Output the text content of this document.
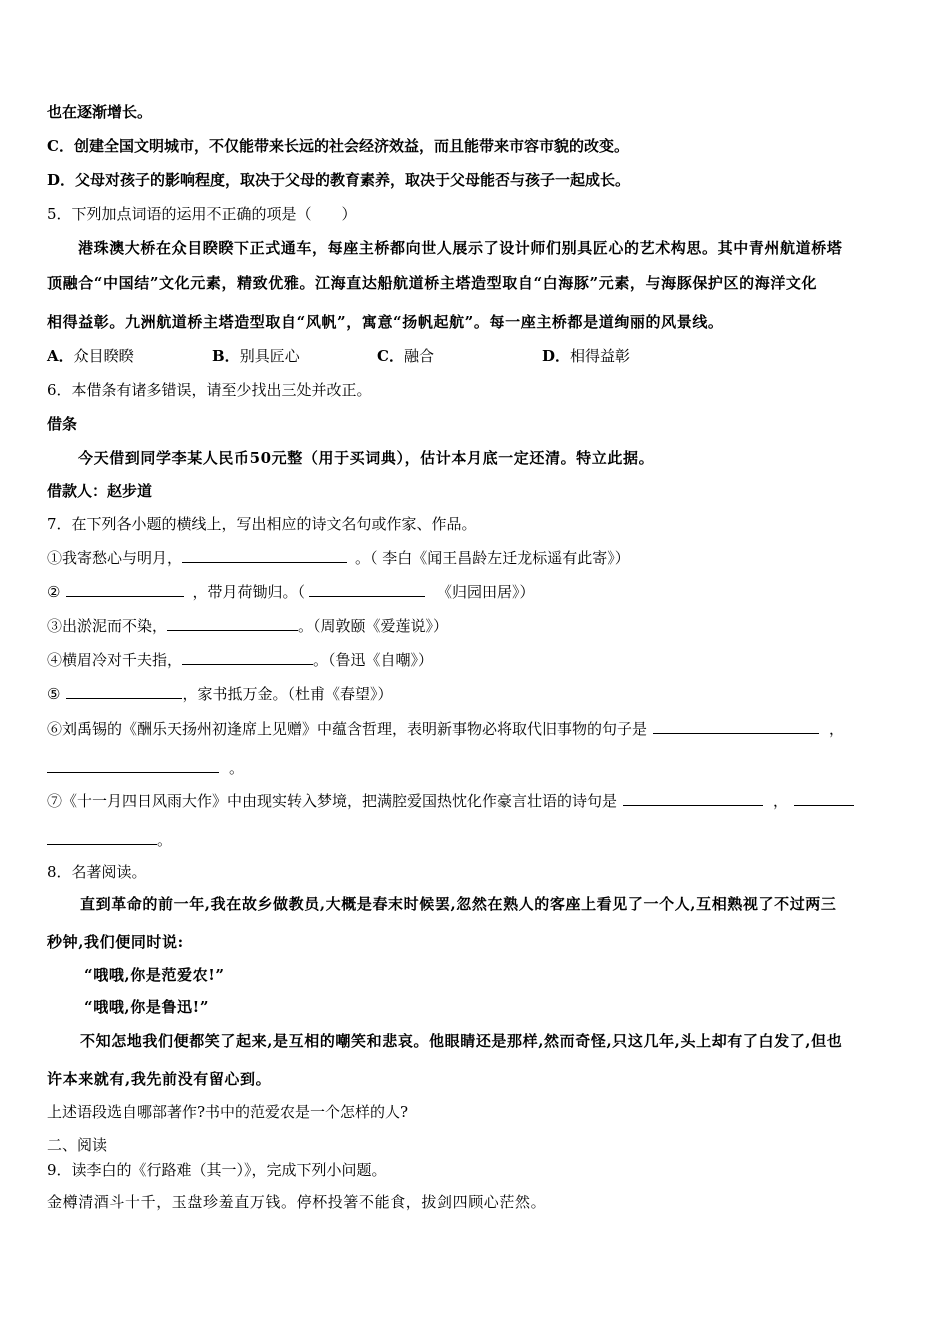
也在逐渐增长。
C．创建全国文明城市，不仅能带来长远的社会经济效益，而且能带来市容市貌的改变。
D．父母对孩子的影响程度，取决于父母的教育素养，取决于父母能否与孩子一起成长。
5．下列加点词语的运用不正确的项是（　　）
港珠澳大桥在众目睽睽下正式通车，每座主桥都向世人展示了设计师们别具匠心的艺术构思。其中青州航道桥塔
顶融合“中国结”文化元素，精致优雅。江海直达船航道桥主塔造型取自“白海豚”元素，与海豚保护区的海洋文化
相得益彰。九洲航道桥主塔造型取自“风帆”，寓意“扬帆起航”。每一座主桥都是道绚丽的风景线。
A．众目睽睽	B．别具匠心	C．融合	D．相得益彰
6．本借条有诸多错误，请至少找出三处并改正。
借条
今天借到同学李某人民币50元整（用于买词典），估计本月底一定还清。特立此据。
借款人：赵步道
7．在下列各小题的横线上，写出相应的诗文名句或作家、作品。
①我寄愁心与明月，	。（ 李白《闻王昌龄左迁龙标遥有此寄》）
②	，带月荷锄归。（	《归园田居》）
③出淤泥而不染，	。（周敦颐《爱莲说》）
④横眉冷对千夫指，	。（鲁迅《自嘲》）
⑤	，家书抵万金。（杜甫《春望》）
⑥刘禹锡的《酬乐天扬州初逢席上见赠》中蕴含哲理，表明新事物必将取代旧事物的句子是	，
。
⑦《十一月四日风雨大作》中由现实转入梦境，把满腔爱国热忱化作豪言壮语的诗句是	，
。
8．名著阅读。
直到革命的前一年,我在故乡做教员,大概是春末时候罢,忽然在熟人的客座上看见了一个人,互相熟视了不过两三
秒钟,我们便同时说:
“哦哦,你是范爱农!”
“哦哦,你是鲁迅!”
不知怎地我们便都笑了起来,是互相的嘲笑和悲哀。他眼睛还是那样,然而奇怪,只这几年,头上却有了白发了,但也
许本来就有,我先前没有留心到。
上述语段选自哪部著作?书中的范爱农是一个怎样的人?
二、阅读
9．读李白的《行路难（其一）》，完成下列小问题。
金樽清酒斗十千，玉盘珍羞直万钱。停杯投箸不能食，拔剑四顾心茫然。
